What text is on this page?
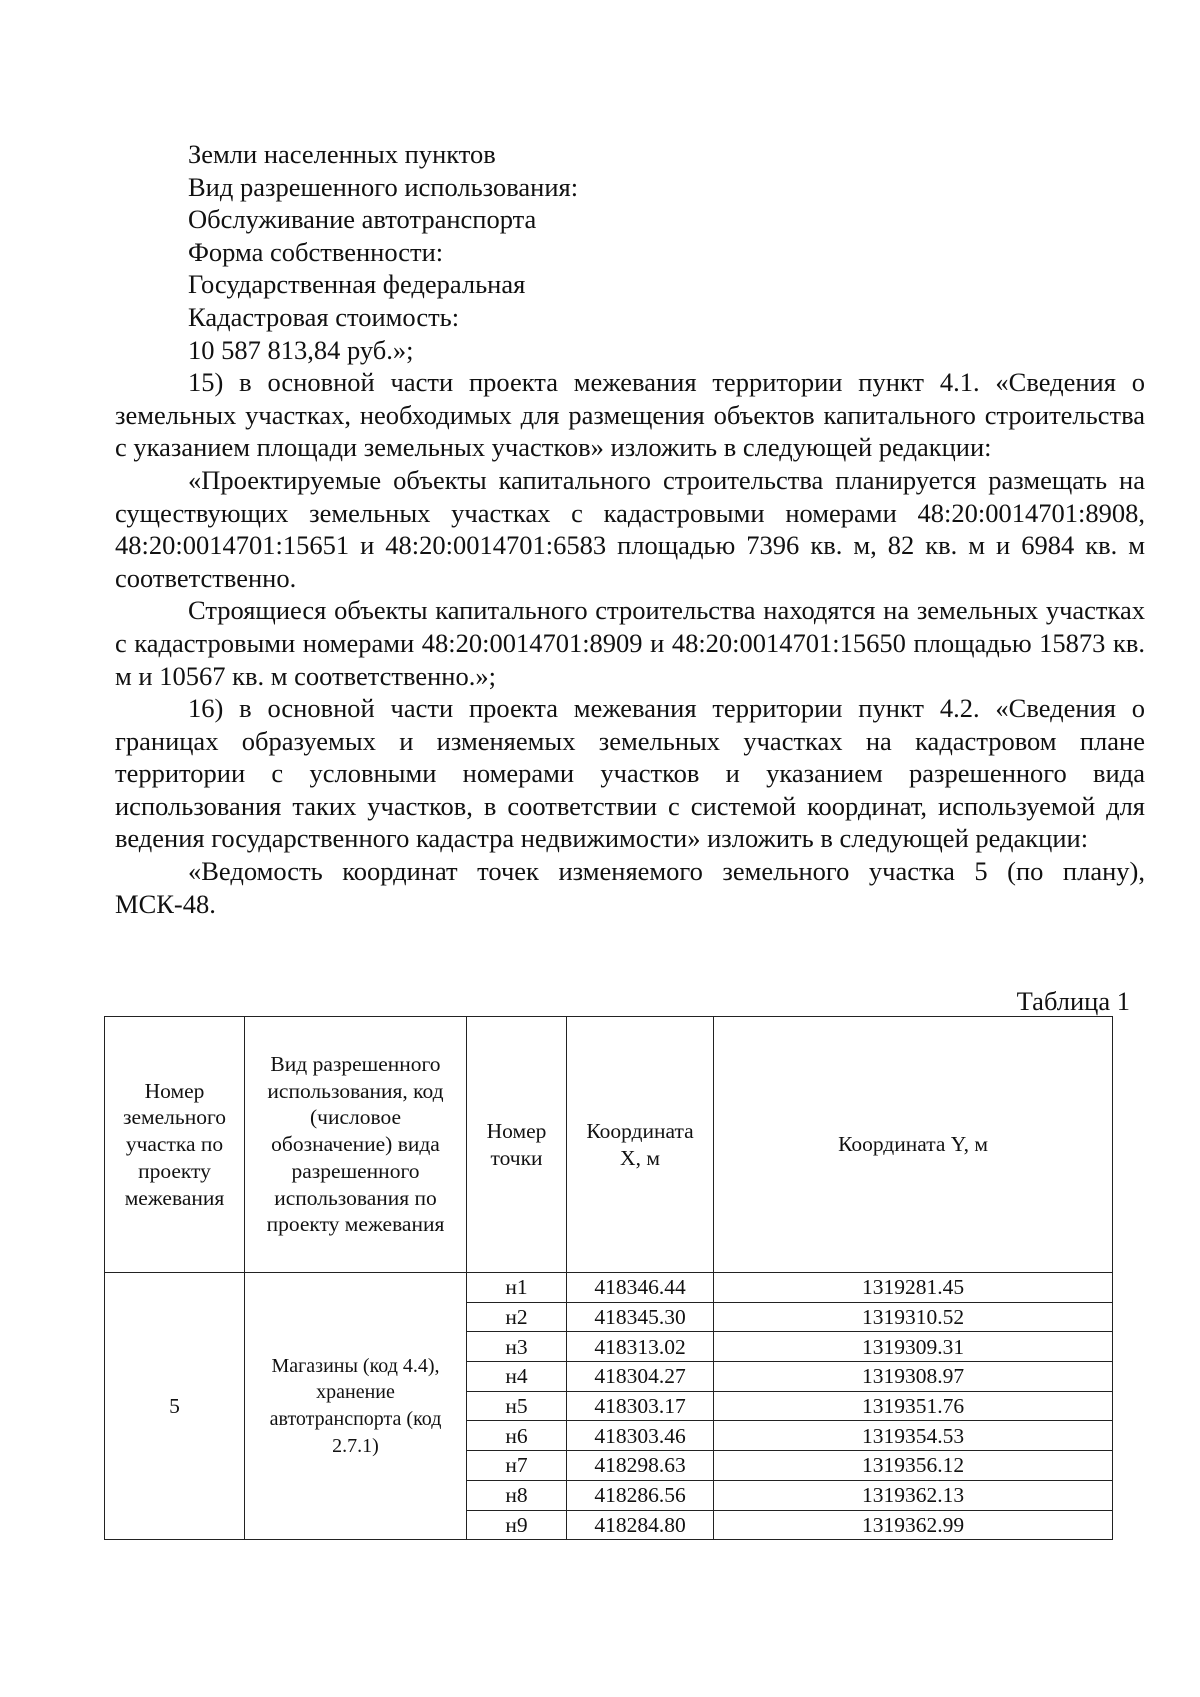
Земли населенных пунктов
Вид разрешенного использования:
Обслуживание автотранспорта
Форма собственности:
Государственная федеральная
Кадастровая стоимость:
10 587 813,84 руб.»;
15) в основной части проекта межевания территории пункт 4.1. «Сведения о земельных участках, необходимых для размещения объектов капитального строительства с указанием площади земельных участков» изложить в следующей редакции:
«Проектируемые объекты капитального строительства планируется размещать на существующих земельных участках с кадастровыми номерами 48:20:0014701:8908, 48:20:0014701:15651 и 48:20:0014701:6583 площадью 7396 кв. м, 82 кв. м и 6984 кв. м соответственно.
Строящиеся объекты капитального строительства находятся на земельных участках с кадастровыми номерами 48:20:0014701:8909 и 48:20:0014701:15650 площадью 15873 кв. м и 10567 кв. м соответственно.»;
16) в основной части проекта межевания территории пункт 4.2. «Сведения о границах образуемых и изменяемых земельных участках на кадастровом плане территории с условными номерами участков и указанием разрешенного вида использования таких участков, в соответствии с системой координат, используемой для ведения государственного кадастра недвижимости» изложить в следующей редакции:
«Ведомость координат точек изменяемого земельного участка 5 (по плану), МСК-48.
Таблица 1
Номер земельного участка по проекту межевания	Вид разрешенного использования, код (числовое обозначение) вида разрешенного использования по проекту межевания	Номер точки	Координата X, м	Координата Y, м
5	Магазины (код 4.4), хранение автотранспорта (код 2.7.1)	н1	418346.44	1319281.45
		н2	418345.30	1319310.52
		н3	418313.02	1319309.31
		н4	418304.27	1319308.97
		н5	418303.17	1319351.76
		н6	418303.46	1319354.53
		н7	418298.63	1319356.12
		н8	418286.56	1319362.13
		н9	418284.80	1319362.99
